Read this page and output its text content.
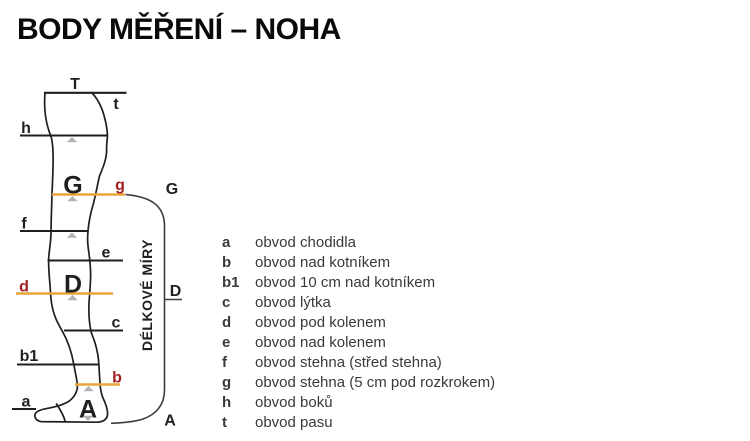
BODY MĚŘENÍ – NOHA
T
t
h
g
G	G
f
e
d D	D
c
b1
b
a A	A
DÉLKOVÉ MÍRY	a	obvod chodidla
b	obvod nad kotníkem
b1	obvod 10 cm nad kotníkem
c	obvod lýtka
d	obvod pod kolenem
e	obvod nad kolenem
f	obvod stehna (střed stehna)
g	obvod stehna (5 cm pod rozkrokem)
h	obvod boků
t	obvod pasu
